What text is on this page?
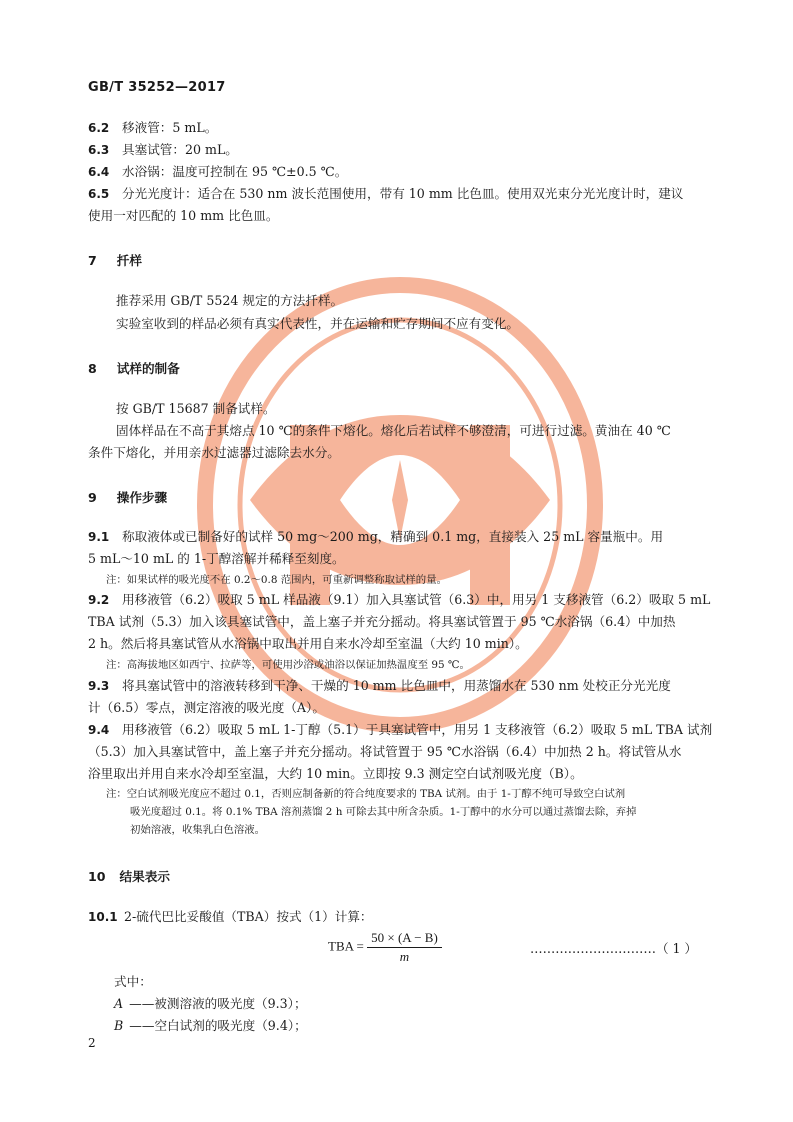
GB/T 35252—2017
6.2 移液管：5 mL。
6.3 具塞试管：20 mL。
6.4 水浴锅：温度可控制在 95 ℃±0.5 ℃。
6.5 分光光度计：适合在 530 nm 波长范围使用，带有 10 mm 比色皿。使用双光束分光光度计时，建议
使用一对匹配的 10 mm 比色皿。
7 扦样
推荐采用 GB/T 5524 规定的方法扦样。
实验室收到的样品必须有真实代表性，并在运输和贮存期间不应有变化。
8 试样的制备
按 GB/T 15687 制备试样。
固体样品在不高于其熔点 10 ℃的条件下熔化。熔化后若试样不够澄清，可进行过滤。黄油在 40 ℃
条件下熔化，并用亲水过滤器过滤除去水分。
9 操作步骤
9.1 称取液体或已制备好的试样 50 mg～200 mg，精确到 0.1 mg，直接装入 25 mL 容量瓶中。用
5 mL～10 mL 的 1-丁醇溶解并稀释至刻度。
注：如果试样的吸光度不在 0.2～0.8 范围内，可重新调整称取试样的量。
9.2 用移液管（6.2）吸取 5 mL 样品液（9.1）加入具塞试管（6.3）中，用另 1 支移液管（6.2）吸取 5 mL
TBA 试剂（5.3）加入该具塞试管中，盖上塞子并充分摇动。将具塞试管置于 95 ℃水浴锅（6.4）中加热
2 h。然后将具塞试管从水浴锅中取出并用自来水冷却至室温（大约 10 min）。
注：高海拔地区如西宁、拉萨等，可使用沙浴或油浴以保证加热温度至 95 ℃。
9.3 将具塞试管中的溶液转移到干净、干燥的 10 mm 比色皿中，用蒸馏水在 530 nm 处校正分光光度
计（6.5）零点，测定溶液的吸光度（A）。
9.4 用移液管（6.2）吸取 5 mL 1-丁醇（5.1）于具塞试管中，用另 1 支移液管（6.2）吸取 5 mL TBA 试剂
（5.3）加入具塞试管中，盖上塞子并充分摇动。将试管置于 95 ℃水浴锅（6.4）中加热 2 h。将试管从水
浴里取出并用自来水冷却至室温，大约 10 min。立即按 9.3 测定空白试剂吸光度（B）。
注：空白试剂吸光度应不超过 0.1，否则应制备新的符合纯度要求的 TBA 试剂。由于 1-丁醇不纯可导致空白试剂
吸光度超过 0.1。将 0.1% TBA 溶剂蒸馏 2 h 可除去其中所含杂质。1-丁醇中的水分可以通过蒸馏去除，弃掉
初始溶液，收集乳白色溶液。
10 结果表示
10.1 2-硫代巴比妥酸值（TBA）按式（1）计算：
TBA = $\frac{50 \times (A - B)}{m}$	…………………………（ 1 ）
式中：
A ——被测溶液的吸光度（9.3）；
B ——空白试剂的吸光度（9.4）；
2
